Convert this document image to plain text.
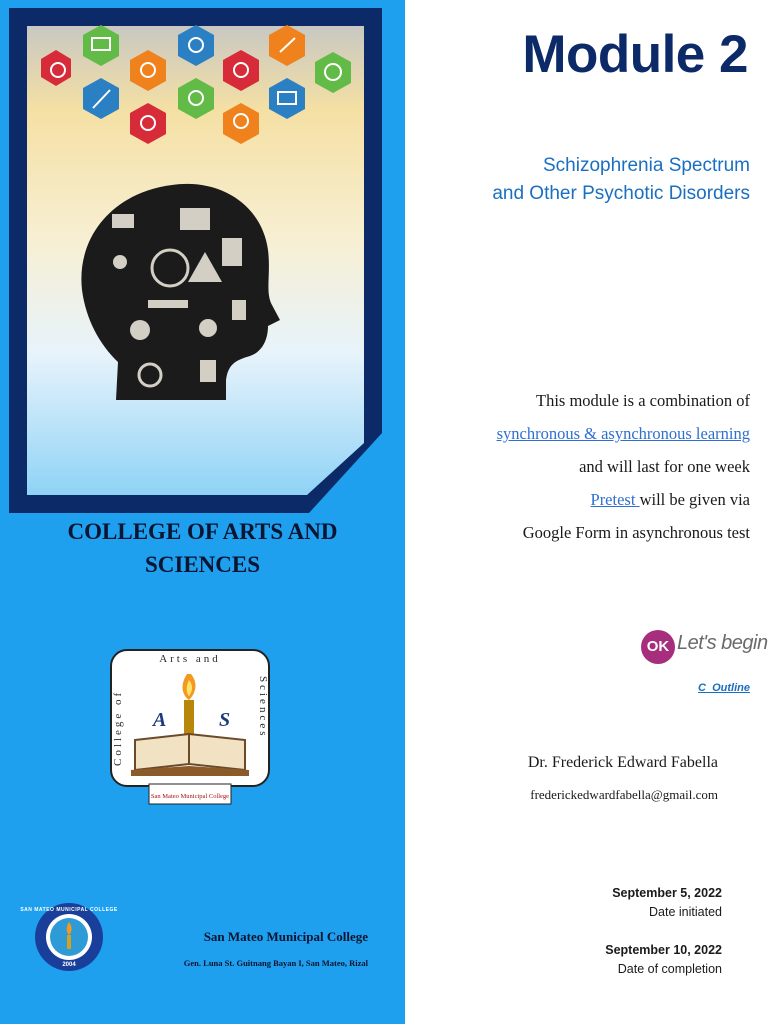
COLLEGE OF ARTS AND SCIENCES
Arts and
College of	Sciences
A	S
San Mateo Municipal College
2004
SAN MATEO MUNICIPAL COLLEGE
San Mateo Municipal College
Gen. Luna St. Guitnang Bayan I, San Mateo, Rizal
Module 2
Schizophrenia Spectrum
and Other Psychotic Disorders
This module is a combination of
synchronous & asynchronous learning
and will last for one week
Pretest will be given via
Google Form in asynchronous test
OK Let's begin
C_Outline
Dr. Frederick Edward Fabella
frederickedwardfabella@gmail.com
September 5, 2022
Date initiated
September 10, 2022
Date of completion
